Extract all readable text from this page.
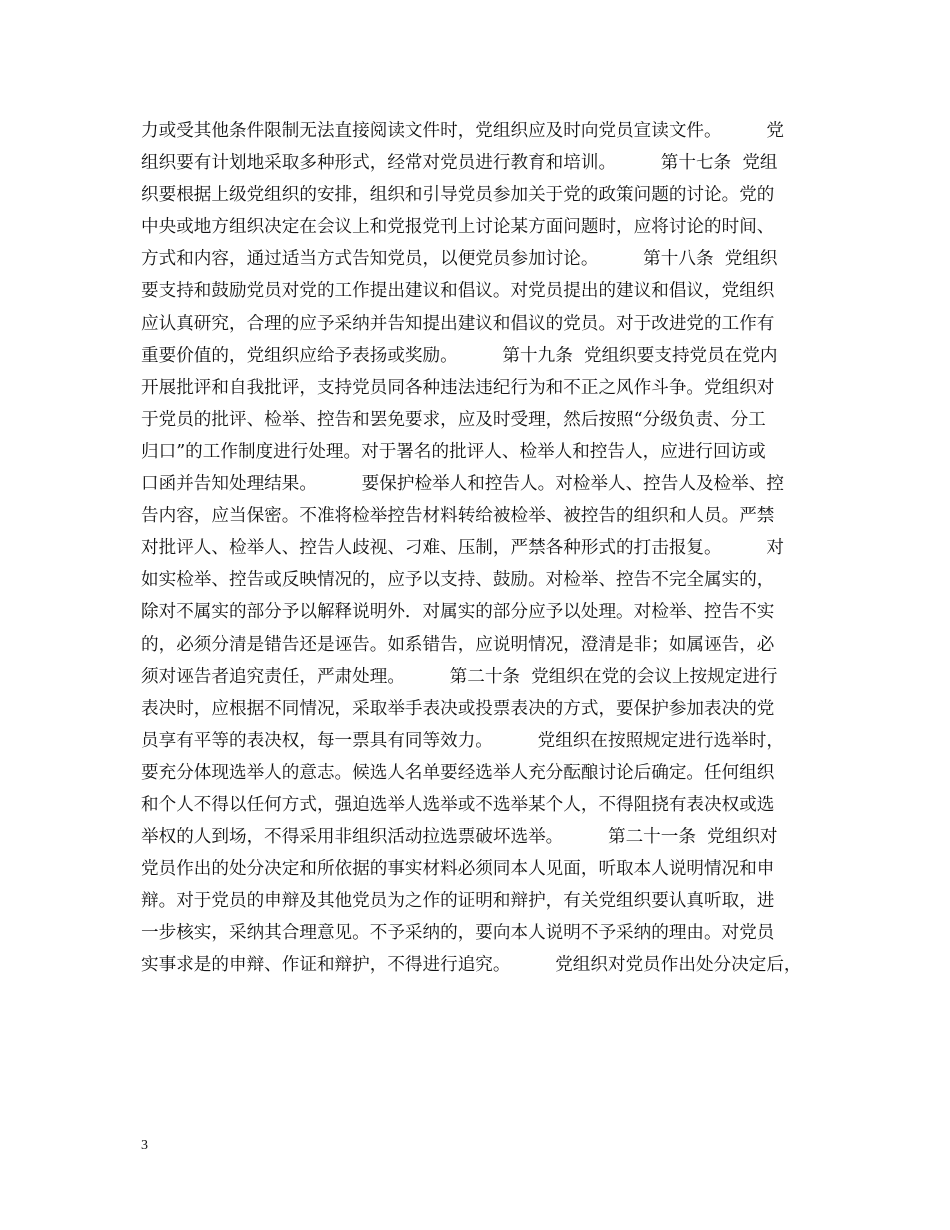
力或受其他条件限制无法直接阅读文件时，党组织应及时向党员宣读文件。        党
组织要有计划地采取多种形式，经常对党员进行教育和培训。        第十七条  党组
织要根据上级党组织的安排，组织和引导党员参加关于党的政策问题的讨论。党的
中央或地方组织决定在会议上和党报党刊上讨论某方面问题时，应将讨论的时间、
方式和内容，通过适当方式告知党员，以便党员参加讨论。        第十八条  党组织
要支持和鼓励党员对党的工作提出建议和倡议。对党员提出的建议和倡议，党组织
应认真研究，合理的应予采纳并告知提出建议和倡议的党员。对于改进党的工作有
重要价值的，党组织应给予表扬或奖励。        第十九条  党组织要支持党员在党内
开展批评和自我批评，支持党员同各种违法违纪行为和不正之风作斗争。党组织对
于党员的批评、检举、控告和罢免要求，应及时受理，然后按照“分级负责、分工
归口”的工作制度进行处理。对于署名的批评人、检举人和控告人，应进行回访或
口函并告知处理结果。        要保护检举人和控告人。对检举人、控告人及检举、控
告内容，应当保密。不准将检举控告材料转给被检举、被控告的组织和人员。严禁
对批评人、检举人、控告人歧视、刁难、压制，严禁各种形式的打击报复。        对
如实检举、控告或反映情况的，应予以支持、鼓励。对检举、控告不完全属实的，
除对不属实的部分予以解释说明外．对属实的部分应予以处理。对检举、控告不实
的，必须分清是错告还是诬告。如系错告，应说明情况，澄清是非；如属诬告，必
须对诬告者追究责任，严肃处理。        第二十条  党组织在党的会议上按规定进行
表决时，应根据不同情况，采取举手表决或投票表决的方式，要保护参加表决的党
员享有平等的表决权，每一票具有同等效力。        党组织在按照规定进行选举时，
要充分体现选举人的意志。候选人名单要经选举人充分酝酿讨论后确定。任何组织
和个人不得以任何方式，强迫选举人选举或不选举某个人，不得阻挠有表决权或选
举权的人到场，不得采用非组织活动拉选票破坏选举。        第二十一条  党组织对
党员作出的处分决定和所依据的事实材料必须同本人见面，听取本人说明情况和申
辩。对于党员的申辩及其他党员为之作的证明和辩护，有关党组织要认真听取，进
一步核实，采纳其合理意见。不予采纳的，要向本人说明不予采纳的理由。对党员
实事求是的申辩、作证和辩护，不得进行追究。        党组织对党员作出处分决定后，
3
